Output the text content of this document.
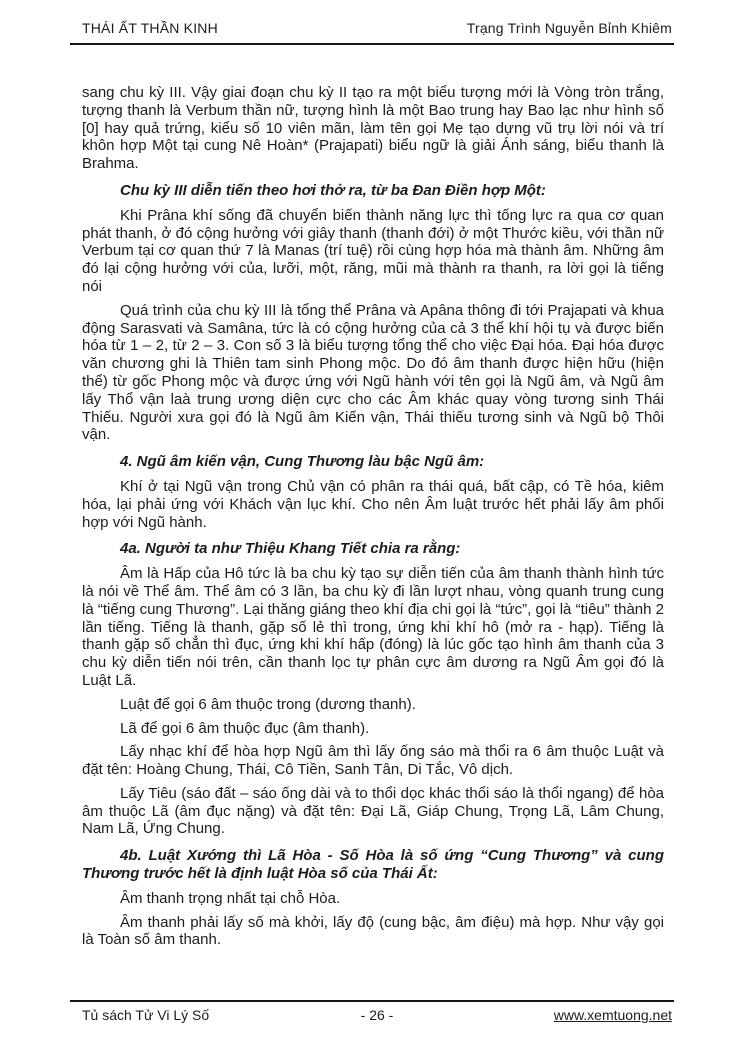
THÁI ẤT THẦN KINH	Trạng Trình Nguyễn Bỉnh Khiêm

sang chu kỳ III. Vậy giai đoạn chu kỳ II tạo ra một biểu tượng mới là Vòng tròn trắng, tượng thanh là Verbum thần nữ, tượng hình là một Bao trung hay Bao lạc như hình số [0] hay quả trứng, kiểu số 10 viên mãn, làm tên gọi Mẹ tạo dựng vũ trụ lời nói và trí khôn hợp Một tại cung Nê Hoàn* (Prajapati) biểu ngữ là giải Ánh sáng, biểu thanh là Brahma.

Chu kỳ III diễn tiến theo hơi thở ra, từ ba Đan Điền hợp Một:

Khi Prâna khí sống đã chuyển biến thành năng lực thì tống lực ra qua cơ quan phát thanh, ở đó cộng hưởng với giây thanh (thanh đới) ở một Thước kiều, với thần nữ Verbum tại cơ quan thứ 7 là Manas (trí tuệ) rồi cùng hợp hóa mà thành âm. Những âm đó lại cộng hưởng với của, lưỡi, một, răng, mũi mà thành ra thanh, ra lời gọi là tiếng nói

Quá trình của chu kỳ III là tổng thể Prâna và Apâna thông đi tới Prajapati và khua động Sarasvati và Samâna, tức là có cộng hưởng của cả 3 thể khí hội tụ và được biến hóa từ 1 – 2, từ 2 – 3. Con số 3 là biểu tượng tổng thể cho việc Đại hóa. Đại hóa được văn chương ghi là Thiên tam sinh Phong mộc. Do đó âm thanh được hiện hữu (hiện thể) từ gốc Phong mộc và được ứng với Ngũ hành với tên gọi là Ngũ âm, và Ngũ âm lấy Thổ vận laà trung ương diện cực cho các Âm khác quay vòng tương sinh Thái Thiếu. Người xưa gọi đó là Ngũ âm Kiến vận, Thái thiếu tương sinh và Ngũ bộ Thôi vận.

4. Ngũ âm kiến vận, Cung Thương làu bậc Ngũ âm:

Khí ở tại Ngũ vận trong Chủ vận có phân ra thái quá, bất cập, có Tề hóa, kiêm hóa, lại phải ứng với Khách vận lục khí. Cho nên Âm luật trước hết phải lấy âm phối hợp với Ngũ hành.

4a. Người ta như Thiệu Khang Tiết chia ra rằng:

Âm là Hấp của Hô tức là ba chu kỳ tạo sự diễn tiến của âm thanh thành hình tức là nói về Thể âm. Thể âm có 3 lần, ba chu kỳ đi lần lượt nhau, vòng quanh trung cung là “tiếng cung Thương”. Lại thăng giáng theo khí địa chi gọi là “tức”, gọi là “tiêu” thành 2 lần tiếng. Tiếng là thanh, gặp số lẻ thì trong, ứng khi khí hô (mở ra - hạp). Tiếng là thanh gặp số chẳn thì đục, ứng khi khí hấp (đóng) là lúc gốc tạo hình âm thanh của 3 chu kỳ diễn tiến nói trên, cần thanh lọc tự phân cực âm dương ra Ngũ Âm gọi đó là Luật Lã.

Luật để gọi 6 âm thuộc trong (dương thanh).

Lã để gọi 6 âm thuộc đục (âm thanh).

Lấy nhạc khí để hòa hợp Ngũ âm thì lấy ống sáo mà thổi ra 6 âm thuộc Luật và đặt tên: Hoàng Chung, Thái, Cô Tiền, Sanh Tân, Di Tắc, Vô dịch.

Lấy Tiêu (sáo đất – sáo ống dài và to thổi dọc khác thổi sáo là thổi ngang) để hòa âm thuộc Lã (âm đục nặng) và đặt tên: Đại Lã, Giáp Chung, Trọng Lã, Lâm Chung, Nam Lã, Ứng Chung.

4b. Luật Xướng thì Lã Hòa - Số Hòa là số ứng “Cung Thương” và cung Thương trước hết là định luật Hòa số của Thái Ất:

Âm thanh trọng nhất tại chỗ Hòa.

Âm thanh phải lấy số mà khởi, lấy độ (cung bậc, âm điệu) mà hợp. Như vậy gọi là Toàn số âm thanh.

Tủ sách Tử Vi Lý Số	- 26 -	www.xemtuong.net
